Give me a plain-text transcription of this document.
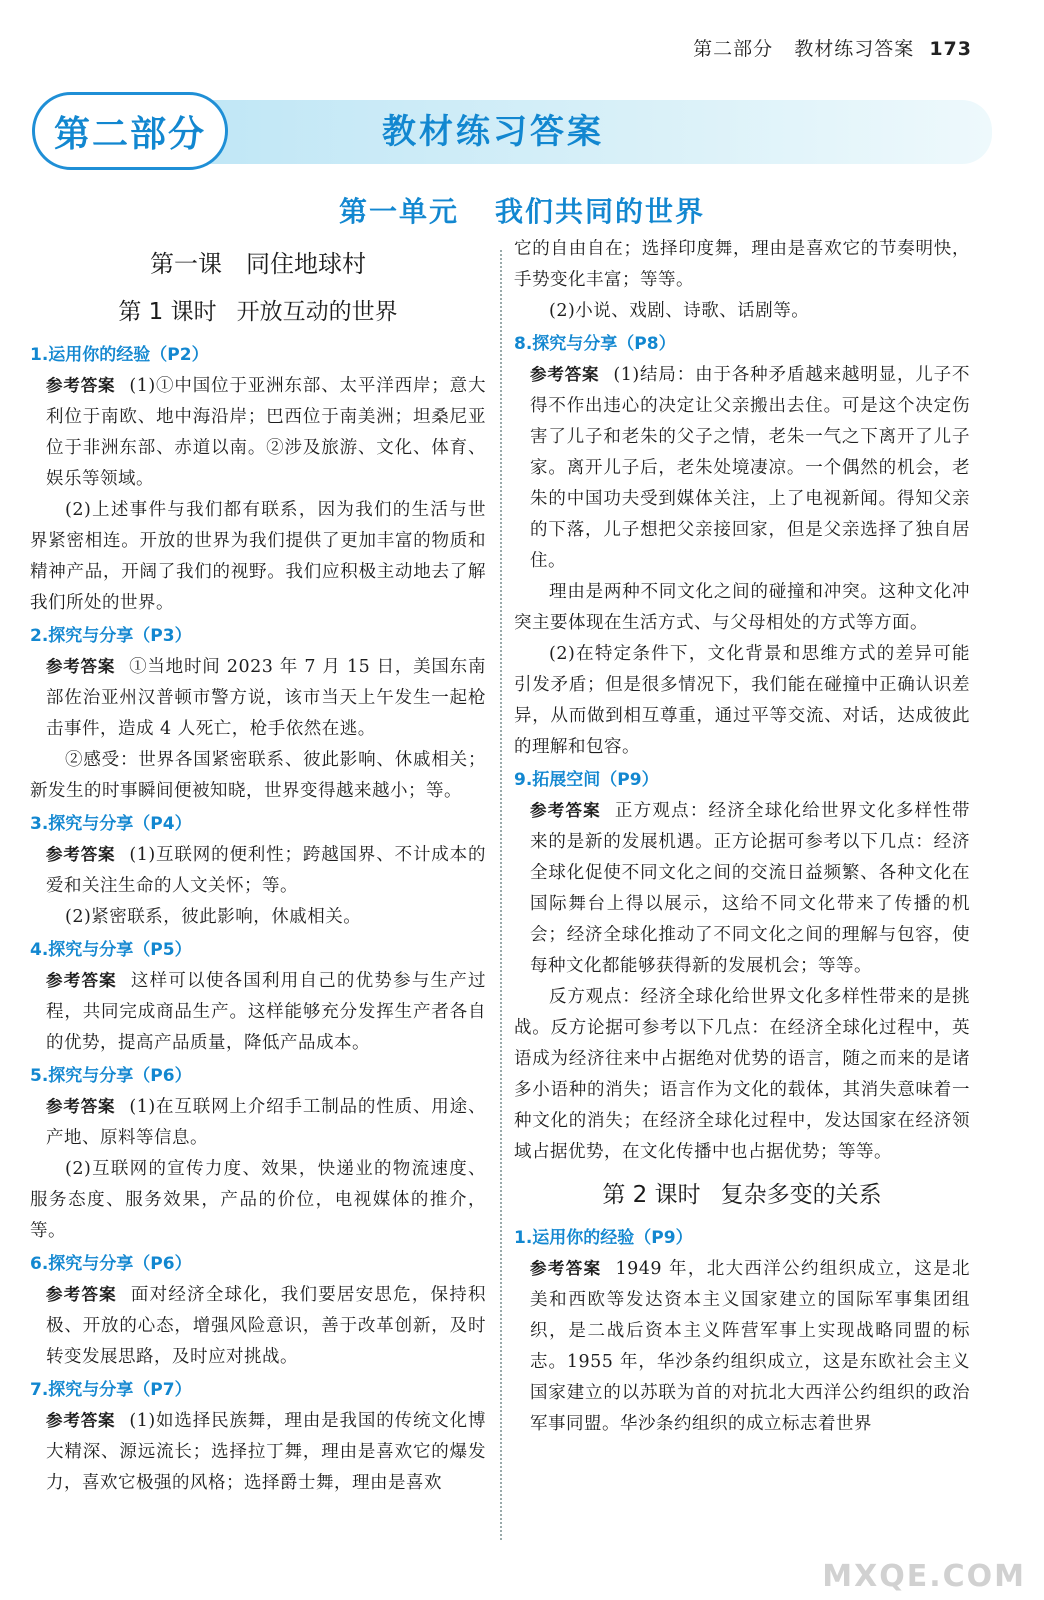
第二部分 教材练习答案 173
第二部分	教材练习答案
第一单元 我们共同的世界
第一课 同住地球村
第 1 课时 开放互动的世界
1.运用你的经验（P2）

参考答案 (1)①中国位于亚洲东部、太平洋西岸；意大利位于南欧、地中海沿岸；巴西位于南美洲；坦桑尼亚位于非洲东部、赤道以南。②涉及旅游、文化、体育、娱乐等领域。

(2)上述事件与我们都有联系，因为我们的生活与世界紧密相连。开放的世界为我们提供了更加丰富的物质和精神产品，开阔了我们的视野。我们应积极主动地去了解我们所处的世界。

2.探究与分享（P3）

参考答案 ①当地时间 2023 年 7 月 15 日，美国东南部佐治亚州汉普顿市警方说，该市当天上午发生一起枪击事件，造成 4 人死亡，枪手依然在逃。

②感受：世界各国紧密联系、彼此影响、休戚相关；新发生的时事瞬间便被知晓，世界变得越来越小；等。

3.探究与分享（P4）

参考答案 (1)互联网的便利性；跨越国界、不计成本的爱和关注生命的人文关怀；等。

(2)紧密联系，彼此影响，休戚相关。

4.探究与分享（P5）

参考答案 这样可以使各国利用自己的优势参与生产过程，共同完成商品生产。这样能够充分发挥生产者各自的优势，提高产品质量，降低产品成本。

5.探究与分享（P6）

参考答案 (1)在互联网上介绍手工制品的性质、用途、产地、原料等信息。

(2)互联网的宣传力度、效果，快递业的物流速度、服务态度、服务效果，产品的价位，电视媒体的推介，等。

6.探究与分享（P6）

参考答案 面对经济全球化，我们要居安思危，保持积极、开放的心态，增强风险意识，善于改革创新，及时转变发展思路，及时应对挑战。

7.探究与分享（P7）

参考答案 (1)如选择民族舞，理由是我国的传统文化博大精深、源远流长；选择拉丁舞，理由是喜欢它的爆发力，喜欢它极强的风格；选择爵士舞，理由是喜欢

它的自由自在；选择印度舞，理由是喜欢它的节奏明快，手势变化丰富；等等。

(2)小说、戏剧、诗歌、话剧等。

8.探究与分享（P8）

参考答案 (1)结局：由于各种矛盾越来越明显，儿子不得不作出违心的决定让父亲搬出去住。可是这个决定伤害了儿子和老朱的父子之情，老朱一气之下离开了儿子家。离开儿子后，老朱处境凄凉。一个偶然的机会，老朱的中国功夫受到媒体关注，上了电视新闻。得知父亲的下落，儿子想把父亲接回家，但是父亲选择了独自居住。

理由是两种不同文化之间的碰撞和冲突。这种文化冲突主要体现在生活方式、与父母相处的方式等方面。

(2)在特定条件下，文化背景和思维方式的差异可能引发矛盾；但是很多情况下，我们能在碰撞中正确认识差异，从而做到相互尊重，通过平等交流、对话，达成彼此的理解和包容。

9.拓展空间（P9）

参考答案 正方观点：经济全球化给世界文化多样性带来的是新的发展机遇。正方论据可参考以下几点：经济全球化促使不同文化之间的交流日益频繁、各种文化在国际舞台上得以展示，这给不同文化带来了传播的机会；经济全球化推动了不同文化之间的理解与包容，使每种文化都能够获得新的发展机会；等等。

反方观点：经济全球化给世界文化多样性带来的是挑战。反方论据可参考以下几点：在经济全球化过程中，英语成为经济往来中占据绝对优势的语言，随之而来的是诸多小语种的消失；语言作为文化的载体，其消失意味着一种文化的消失；在经济全球化过程中，发达国家在经济领域占据优势，在文化传播中也占据优势；等等。

第 2 课时 复杂多变的关系
1.运用你的经验（P9）

参考答案 1949 年，北大西洋公约组织成立，这是北美和西欧等发达资本主义国家建立的国际军事集团组织，是二战后资本主义阵营军事上实现战略同盟的标志。1955 年，华沙条约组织成立，这是东欧社会主义国家建立的以苏联为首的对抗北大西洋公约组织的政治军事同盟。华沙条约组织的成立标志着世界

MXQE.COM
